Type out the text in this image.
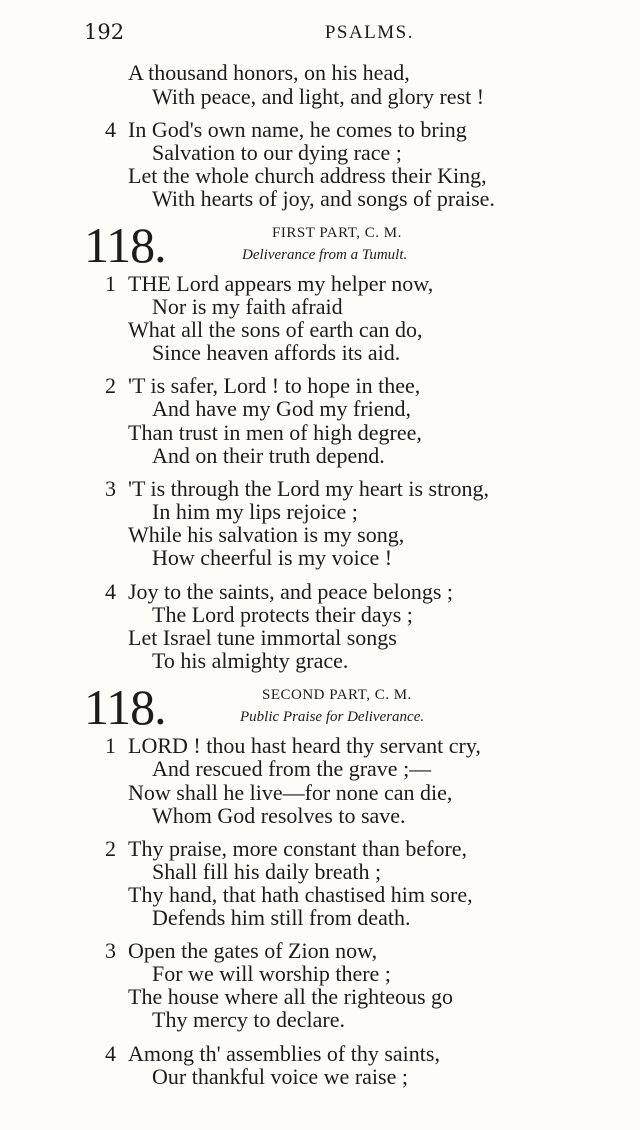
192	PSALMS.
A thousand honors, on his head,
With peace, and light, and glory rest !
4 In God's own name, he comes to bring
Salvation to our dying race ;
Let the whole church address their King,
With hearts of joy, and songs of praise.
118.	FIRST PART, C. M.
Deliverance from a Tumult.
1 THE Lord appears my helper now,
Nor is my faith afraid
What all the sons of earth can do,
Since heaven affords its aid.
2 'T is safer, Lord ! to hope in thee,
And have my God my friend,
Than trust in men of high degree,
And on their truth depend.
3 'T is through the Lord my heart is strong,
In him my lips rejoice ;
While his salvation is my song,
How cheerful is my voice !
4 Joy to the saints, and peace belongs ;
The Lord protects their days ;
Let Israel tune immortal songs
To his almighty grace.
118.	SECOND PART, C. M.
Public Praise for Deliverance.
1 LORD ! thou hast heard thy servant cry,
And rescued from the grave ;—
Now shall he live—for none can die,
Whom God resolves to save.
2 Thy praise, more constant than before,
Shall fill his daily breath ;
Thy hand, that hath chastised him sore,
Defends him still from death.
3 Open the gates of Zion now,
For we will worship there ;
The house where all the righteous go
Thy mercy to declare.
4 Among th' assemblies of thy saints,
Our thankful voice we raise ;
